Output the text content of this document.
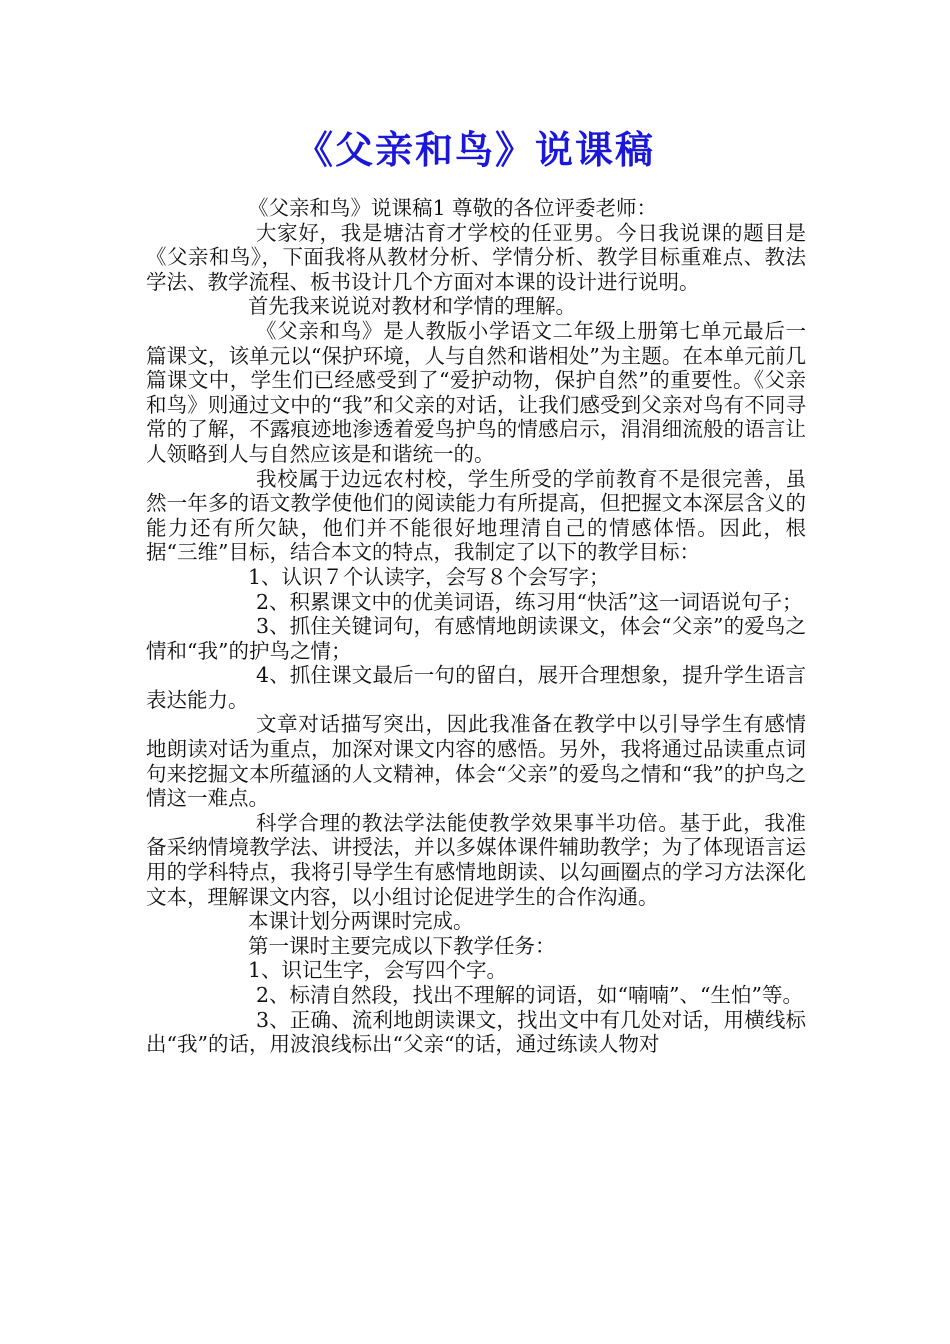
《父亲和鸟》说课稿

《父亲和鸟》说课稿1 尊敬的各位评委老师：

大家好，我是塘沽育才学校的任亚男。今日我说课的题目是《父亲和鸟》，下面我将从教材分析、学情分析、教学目标重难点、教法学法、教学流程、板书设计几个方面对本课的设计进行说明。

首先我来说说对教材和学情的理解。

《父亲和鸟》是人教版小学语文二年级上册第七单元最后一篇课文，该单元以“保护环境，人与自然和谐相处”为主题。在本单元前几篇课文中，学生们已经感受到了“爱护动物，保护自然”的重要性。《父亲和鸟》则通过文中的“我”和父亲的对话，让我们感受到父亲对鸟有不同寻常的了解，不露痕迹地渗透着爱鸟护鸟的情感启示，涓涓细流般的语言让人领略到人与自然应该是和谐统一的。

我校属于边远农村校，学生所受的学前教育不是很完善，虽然一年多的语文教学使他们的阅读能力有所提高，但把握文本深层含义的能力还有所欠缺，他们并不能很好地理清自己的情感体悟。因此，根据“三维”目标，结合本文的特点，我制定了以下的教学目标：

1、认识７个认读字，会写８个会写字；

2、积累课文中的优美词语，练习用“快活”这一词语说句子；

3、抓住关键词句，有感情地朗读课文，体会“父亲”的爱鸟之情和“我”的护鸟之情；

4、抓住课文最后一句的留白，展开合理想象，提升学生语言表达能力。

文章对话描写突出，因此我准备在教学中以引导学生有感情地朗读对话为重点，加深对课文内容的感悟。另外，我将通过品读重点词句来挖掘文本所蕴涵的人文精神，体会“父亲”的爱鸟之情和“我”的护鸟之情这一难点。

科学合理的教法学法能使教学效果事半功倍。基于此，我准备采纳情境教学法、讲授法，并以多媒体课件辅助教学；为了体现语言运用的学科特点，我将引导学生有感情地朗读、以勾画圈点的学习方法深化文本，理解课文内容，以小组讨论促进学生的合作沟通。

本课计划分两课时完成。

第一课时主要完成以下教学任务：

1、识记生字，会写四个字。

2、标清自然段，找出不理解的词语，如“喃喃”、“生怕”等。

3、正确、流利地朗读课文，找出文中有几处对话，用横线标出“我”的话，用波浪线标出“父亲“的话，通过练读人物对
